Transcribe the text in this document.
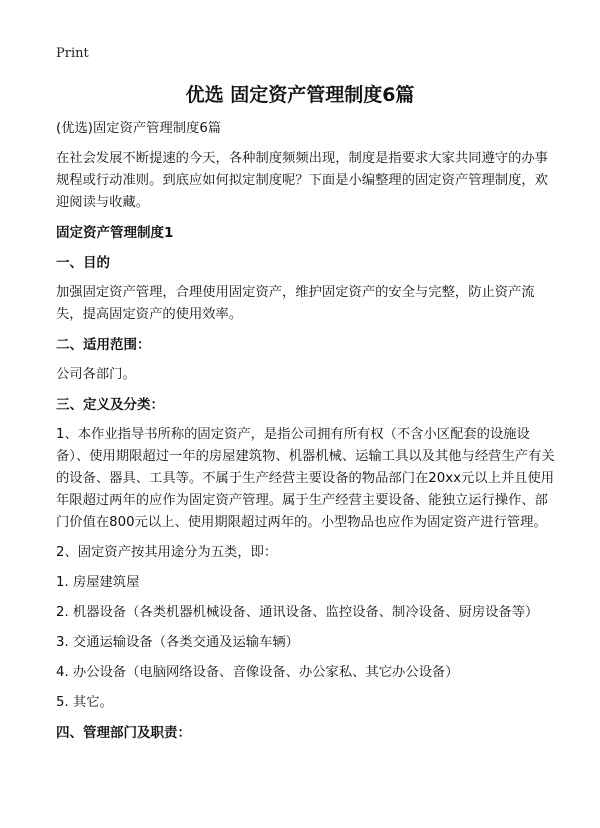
Print
优选 固定资产管理制度6篇
(优选)固定资产管理制度6篇
在社会发展不断提速的今天，各种制度频频出现，制度是指要求大家共同遵守的办事规程或行动准则。到底应如何拟定制度呢？下面是小编整理的固定资产管理制度，欢迎阅读与收藏。
固定资产管理制度1
一、目的
加强固定资产管理，合理使用固定资产，维护固定资产的安全与完整，防止资产流失，提高固定资产的使用效率。
二、适用范围：
公司各部门。
三、定义及分类：
1、本作业指导书所称的固定资产，是指公司拥有所有权（不含小区配套的设施设备）、使用期限超过一年的房屋建筑物、机器机械、运输工具以及其他与经营生产有关的设备、器具、工具等。不属于生产经营主要设备的物品部门在20xx元以上并且使用年限超过两年的应作为固定资产管理。属于生产经营主要设备、能独立运行操作、部门价值在800元以上、使用期限超过两年的。小型物品也应作为固定资产进行管理。
2、固定资产按其用途分为五类，即：
1. 房屋建筑屋
2. 机器设备（各类机器机械设备、通讯设备、监控设备、制冷设备、厨房设备等）
3. 交通运输设备（各类交通及运输车辆）
4. 办公设备（电脑网络设备、音像设备、办公家私、其它办公设备）
5. 其它。
四、管理部门及职责：
